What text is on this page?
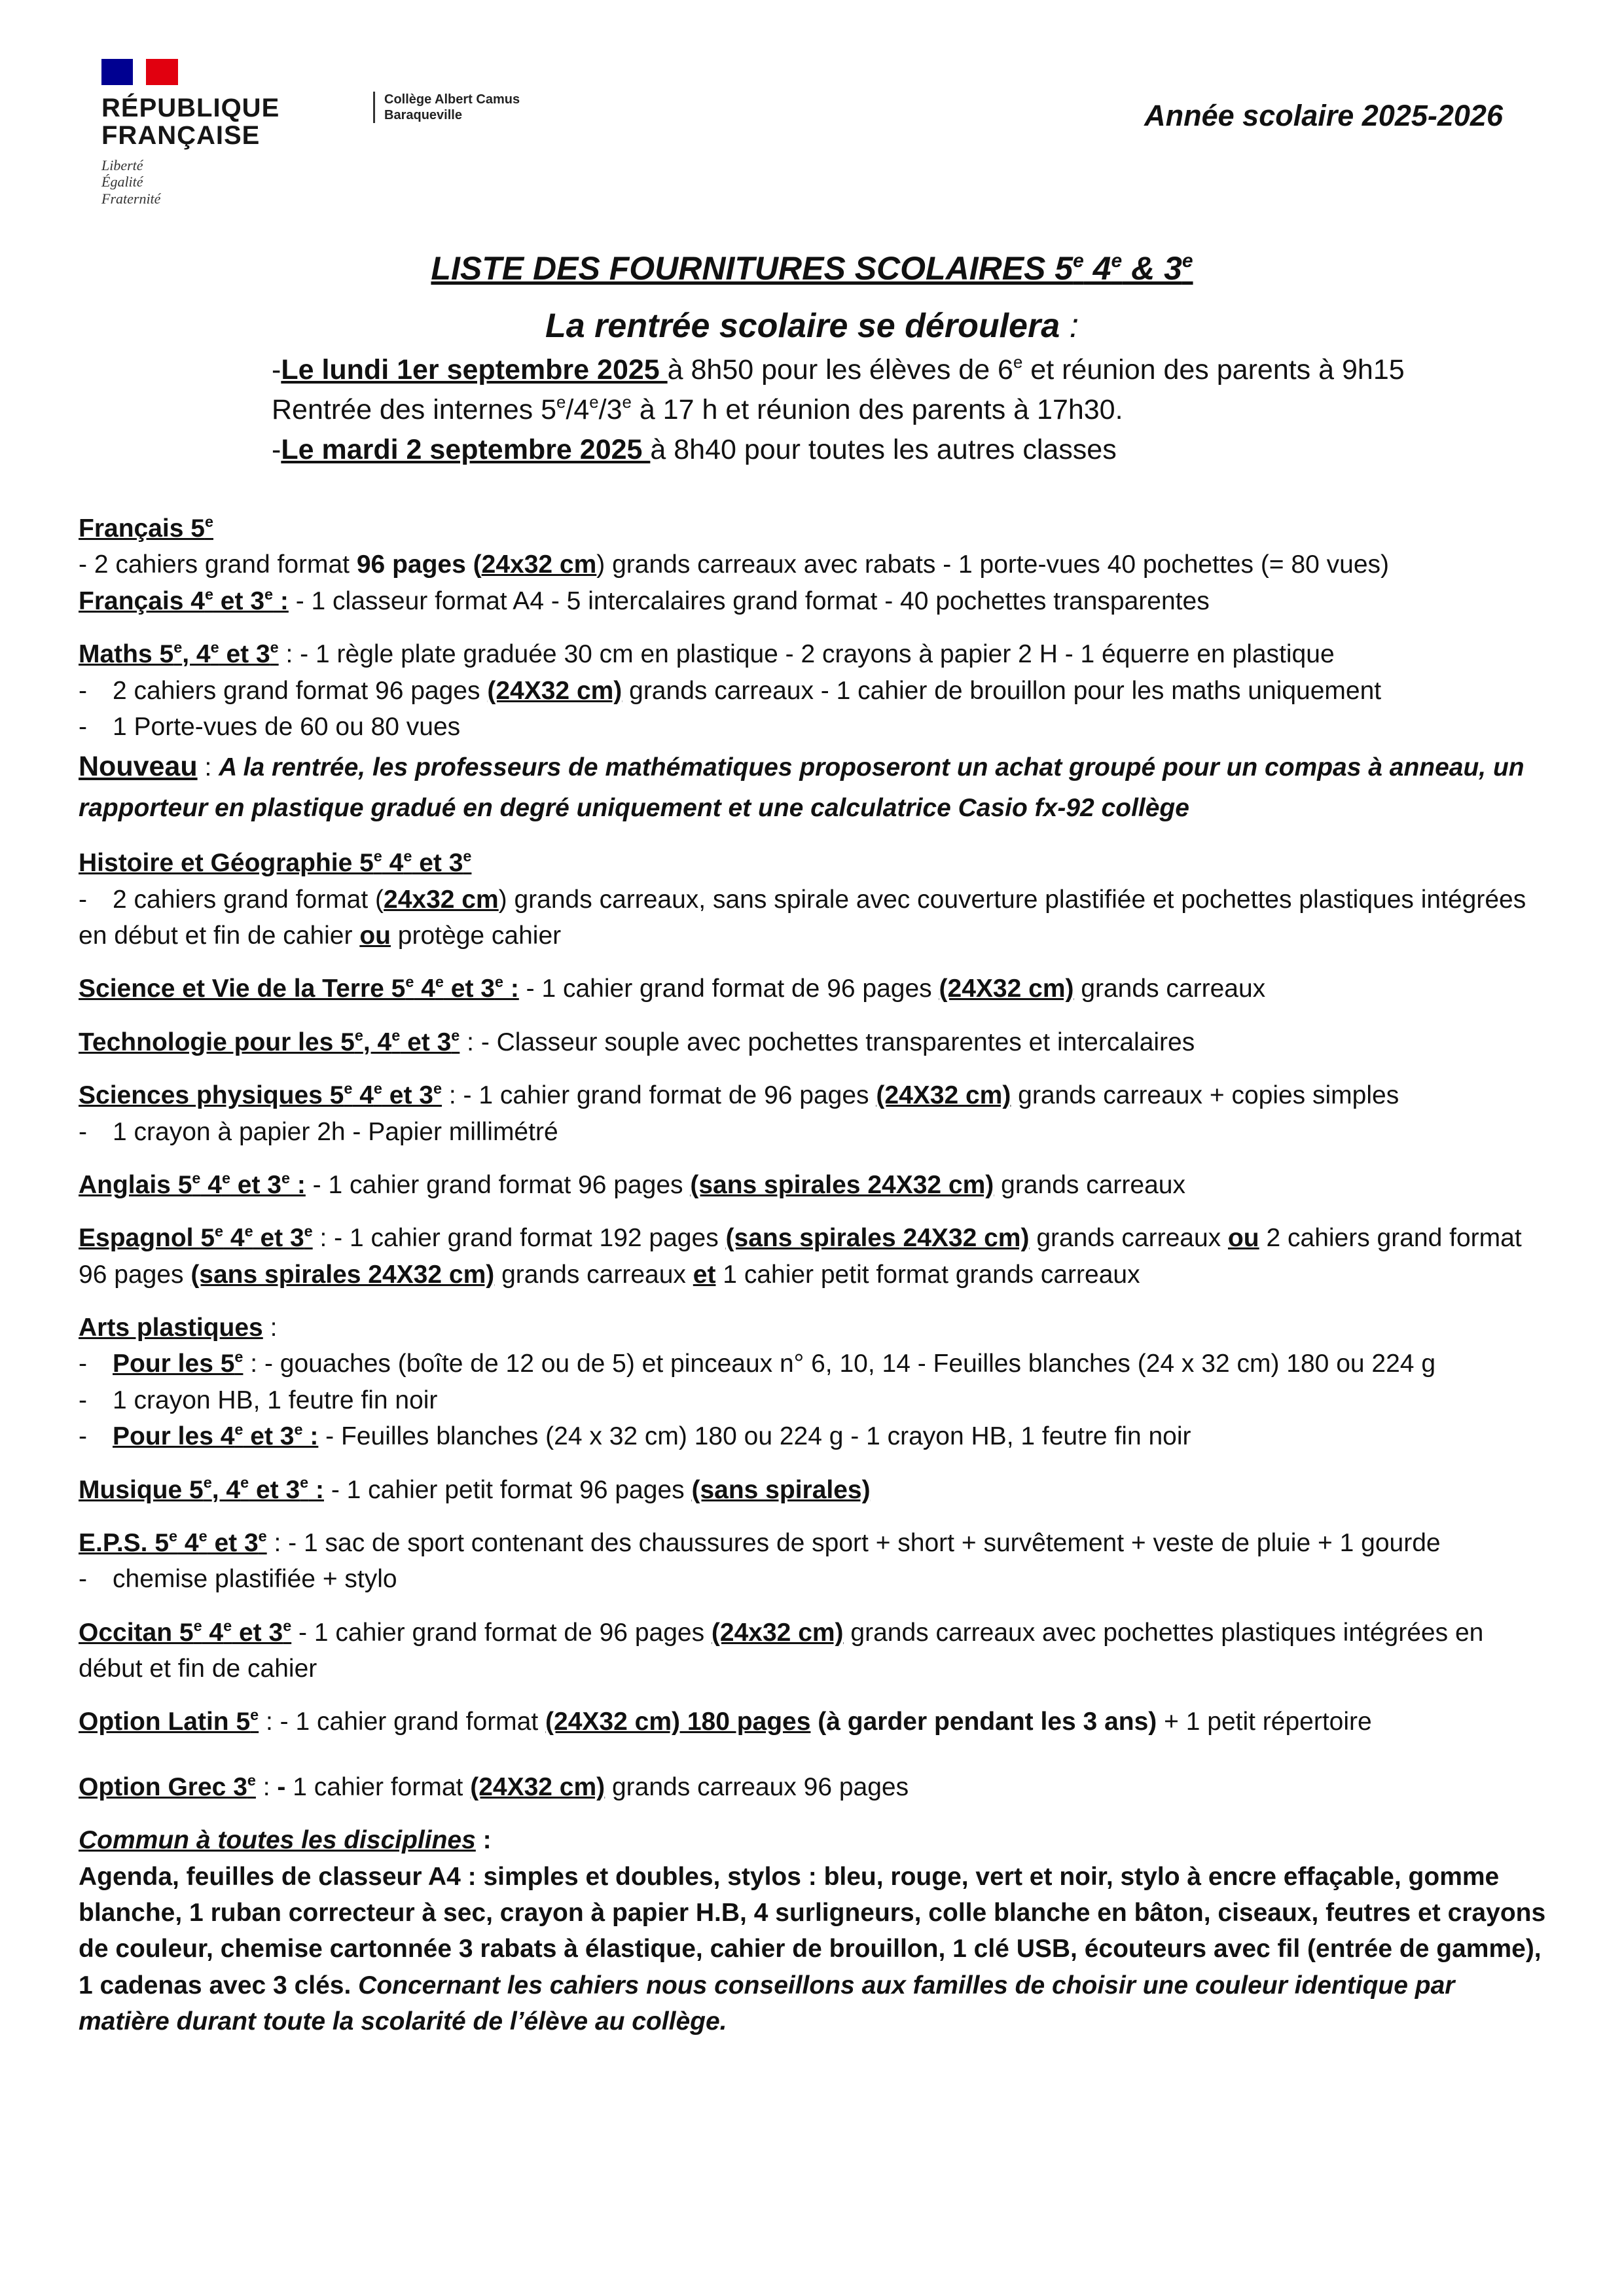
RÉPUBLIQUE
FRANÇAISE
Liberté
Égalité
Fraternité
Collège Albert Camus
Baraqueville	Année scolaire 2025-2026
LISTE DES FOURNITURES SCOLAIRES 5e 4e & 3e
La rentrée scolaire se déroulera :
-Le lundi 1er septembre 2025 à 8h50 pour les élèves de 6e et réunion des parents à 9h15
Rentrée des internes 5e/4e/3e à 17 h et réunion des parents à 17h30.
-Le mardi 2 septembre 2025 à 8h40 pour toutes les autres classes

Français 5e

- 2 cahiers grand format 96 pages (24x32 cm) grands carreaux avec rabats - 1 porte-vues 40 pochettes (= 80 vues)

Français 4e et 3e : - 1 classeur format A4 - 5 intercalaires grand format - 40 pochettes transparentes

Maths 5e, 4e et 3e : - 1 règle plate graduée 30 cm en plastique - 2 crayons à papier 2 H - 1 équerre en plastique

- 2 cahiers grand format 96 pages (24X32 cm) grands carreaux - 1 cahier de brouillon pour les maths uniquement

- 1 Porte-vues de 60 ou 80 vues

Nouveau : A la rentrée, les professeurs de mathématiques proposeront un achat groupé pour un compas à anneau, un rapporteur en plastique gradué en degré uniquement et une calculatrice Casio fx-92 collège

Histoire et Géographie 5e 4e et 3e

- 2 cahiers grand format (24x32 cm) grands carreaux, sans spirale avec couverture plastifiée et pochettes plastiques intégrées en début et fin de cahier ou protège cahier

Science et Vie de la Terre 5e 4e et 3e : - 1 cahier grand format de 96 pages (24X32 cm) grands carreaux

Technologie pour les 5e, 4e et 3e : - Classeur souple avec pochettes transparentes et intercalaires

Sciences physiques 5e 4e et 3e : - 1 cahier grand format de 96 pages (24X32 cm) grands carreaux + copies simples

- 1 crayon à papier 2h - Papier millimétré

Anglais 5e 4e et 3e : - 1 cahier grand format 96 pages (sans spirales 24X32 cm) grands carreaux

Espagnol 5e 4e et 3e : - 1 cahier grand format 192 pages (sans spirales 24X32 cm) grands carreaux ou 2 cahiers grand format 96 pages (sans spirales 24X32 cm) grands carreaux et 1 cahier petit format grands carreaux

Arts plastiques :

- Pour les 5e : - gouaches (boîte de 12 ou de 5) et pinceaux n° 6, 10, 14 - Feuilles blanches (24 x 32 cm) 180 ou 224 g

- 1 crayon HB, 1 feutre fin noir

- Pour les 4e et 3e : - Feuilles blanches (24 x 32 cm) 180 ou 224 g - 1 crayon HB, 1 feutre fin noir

Musique 5e, 4e et 3e : - 1 cahier petit format 96 pages (sans spirales)

E.P.S. 5e 4e et 3e : - 1 sac de sport contenant des chaussures de sport + short + survêtement + veste de pluie + 1 gourde

- chemise plastifiée + stylo

Occitan 5e 4e et 3e - 1 cahier grand format de 96 pages (24x32 cm) grands carreaux avec pochettes plastiques intégrées en début et fin de cahier

Option Latin 5e : - 1 cahier grand format (24X32 cm) 180 pages (à garder pendant les 3 ans) + 1 petit répertoire

Option Grec 3e : - 1 cahier format (24X32 cm) grands carreaux 96 pages

Commun à toutes les disciplines :

Agenda, feuilles de classeur A4 : simples et doubles, stylos : bleu, rouge, vert et noir, stylo à encre effaçable, gomme blanche, 1 ruban correcteur à sec, crayon à papier H.B, 4 surligneurs, colle blanche en bâton, ciseaux, feutres et crayons de couleur, chemise cartonnée 3 rabats à élastique, cahier de brouillon, 1 clé USB, écouteurs avec fil (entrée de gamme), 1 cadenas avec 3 clés. Concernant les cahiers nous conseillons aux familles de choisir une couleur identique par matière durant toute la scolarité de l’élève au collège.
